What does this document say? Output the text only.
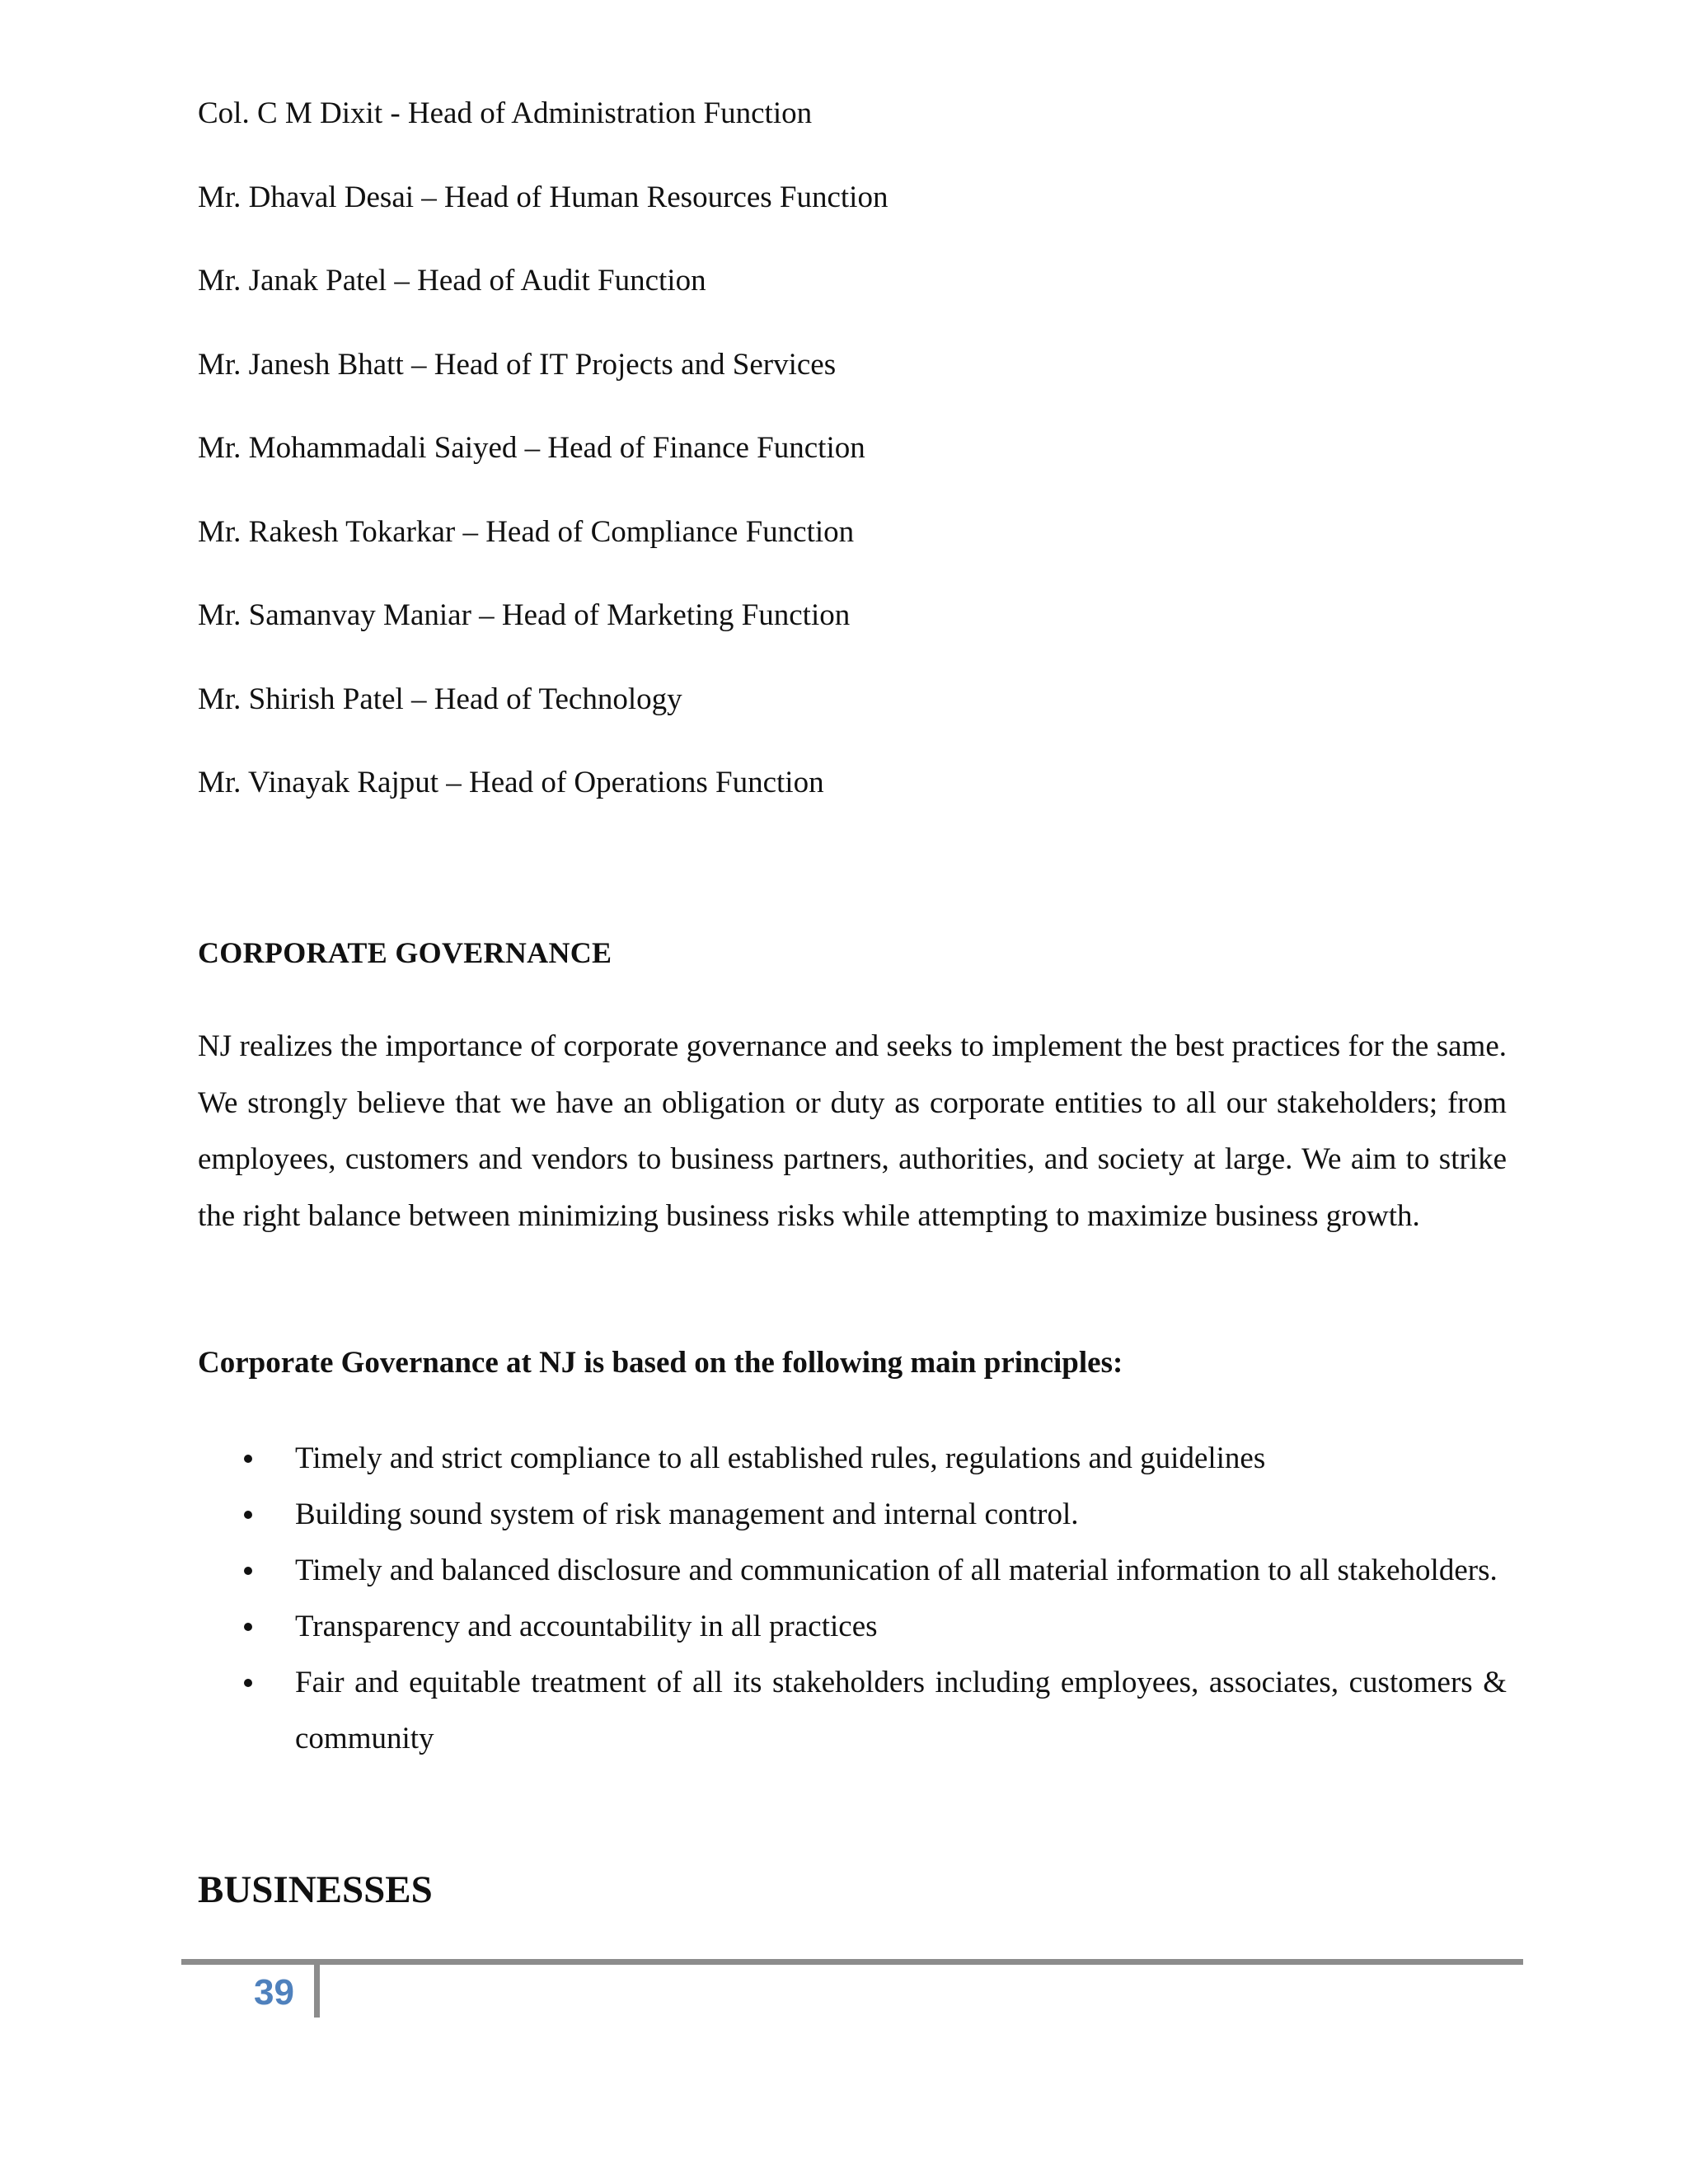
Col. C M Dixit - Head of Administration Function
Mr. Dhaval Desai – Head of Human Resources Function
Mr. Janak Patel – Head of Audit Function
Mr. Janesh Bhatt – Head of IT Projects and Services
Mr. Mohammadali Saiyed – Head of Finance Function
Mr. Rakesh Tokarkar – Head of Compliance Function
Mr. Samanvay Maniar – Head of Marketing Function
Mr. Shirish Patel – Head of Technology
Mr. Vinayak Rajput – Head of Operations Function
CORPORATE GOVERNANCE

NJ realizes the importance of corporate governance and seeks to implement the best practices for the same. We strongly believe that we have an obligation or duty as corporate entities to all our stakeholders; from employees, customers and vendors to business partners, authorities, and society at large. We aim to strike the right balance between minimizing business risks while attempting to maximize business growth.

Corporate Governance at NJ is based on the following main principles:

Timely and strict compliance to all established rules, regulations and guidelines
Building sound system of risk management and internal control.
Timely and balanced disclosure and communication of all material information to all stakeholders.
Transparency and accountability in all practices
Fair and equitable treatment of all its stakeholders including employees, associates, customers & community
BUSINESSES
39
